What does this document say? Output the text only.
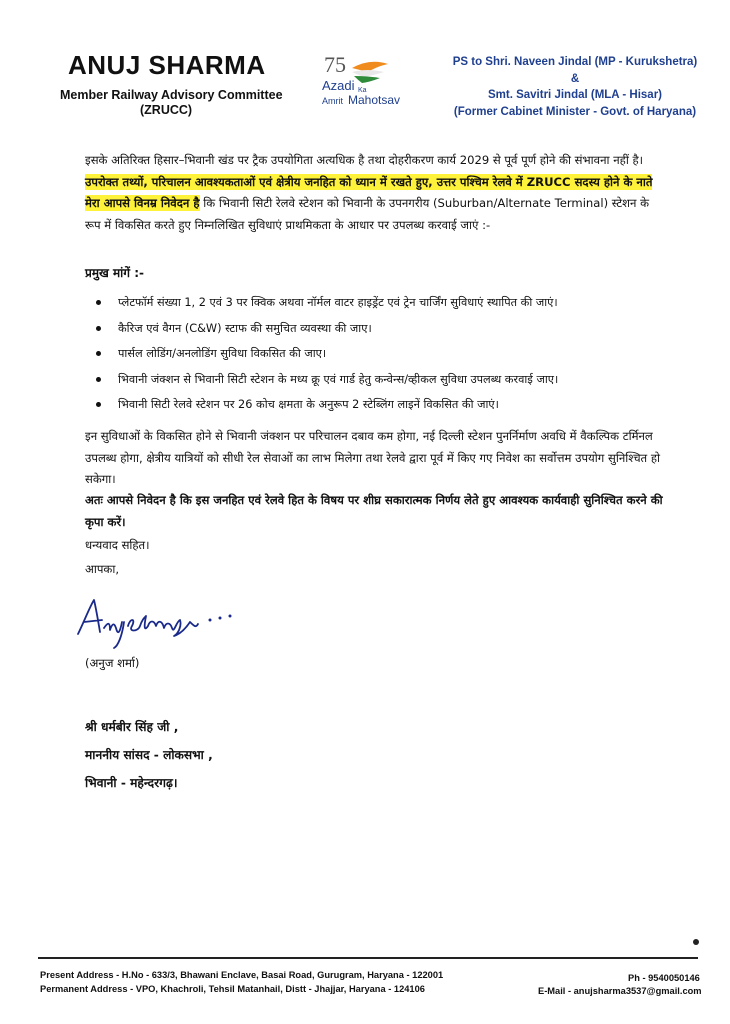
ANUJ SHARMA
Member Railway Advisory Committee
(ZRUCC)
75
Azadi Ka
Amrit Mahotsav
PS to Shri. Naveen Jindal (MP - Kurukshetra)
&
Smt. Savitri Jindal (MLA - Hisar)
(Former Cabinet Minister - Govt. of Haryana)
इसके अतिरिक्त हिसार–भिवानी खंड पर ट्रैक उपयोगिता अत्यधिक है तथा दोहरीकरण कार्य 2029 से पूर्व पूर्ण होने की संभावना नहीं है। उपरोक्त तथ्यों, परिचालन आवश्यकताओं एवं क्षेत्रीय जनहित को ध्यान में रखते हुए, उत्तर पश्चिम रेलवे में ZRUCC सदस्य होने के नाते मेरा आपसे विनम्र निवेदन है कि भिवानी सिटी रेलवे स्टेशन को भिवानी के उपनगरीय (Suburban/Alternate Terminal) स्टेशन के रूप में विकसित करते हुए निम्नलिखित सुविधाएं प्राथमिकता के आधार पर उपलब्ध करवाई जाएं :-
प्रमुख मांगें :-
प्लेटफॉर्म संख्या 1, 2 एवं 3 पर क्विक अथवा नॉर्मल वाटर हाइड्रेंट एवं ट्रेन चार्जिंग सुविधाएं स्थापित की जाएं।
कैरिज एवं वैगन (C&W) स्टाफ की समुचित व्यवस्था की जाए।
पार्सल लोडिंग/अनलोडिंग सुविधा विकसित की जाए।
भिवानी जंक्शन से भिवानी सिटी स्टेशन के मध्य क्रू एवं गार्ड हेतु कन्वेन्स/व्हीकल सुविधा उपलब्ध करवाई जाए।
भिवानी सिटी रेलवे स्टेशन पर 26 कोच क्षमता के अनुरूप 2 स्टेब्लिंग लाइनें विकसित की जाएं।
इन सुविधाओं के विकसित होने से भिवानी जंक्शन पर परिचालन दबाव कम होगा, नई दिल्ली स्टेशन पुनर्निर्माण अवधि में वैकल्पिक टर्मिनल उपलब्ध होगा, क्षेत्रीय यात्रियों को सीधी रेल सेवाओं का लाभ मिलेगा तथा रेलवे द्वारा पूर्व में किए गए निवेश का सर्वोत्तम उपयोग सुनिश्चित हो सकेगा।
अतः आपसे निवेदन है कि इस जनहित एवं रेलवे हित के विषय पर शीघ्र सकारात्मक निर्णय लेते हुए आवश्यक कार्यवाही सुनिश्चित करने की कृपा करें।
धन्यवाद सहित।
आपका,
(अनुज शर्मा)
श्री धर्मबीर सिंह जी ,
माननीय सांसद - लोकसभा ,
भिवानी - महेन्दरगढ़।
Present Address - H.No - 633/3, Bhawani Enclave, Basai Road, Gurugram, Haryana - 122001
Permanent Address - VPO, Khachroli, Tehsil Matanhail, Distt - Jhajjar, Haryana - 124106
Ph - 9540050146
E-Mail - anujsharma3537@gmail.com
